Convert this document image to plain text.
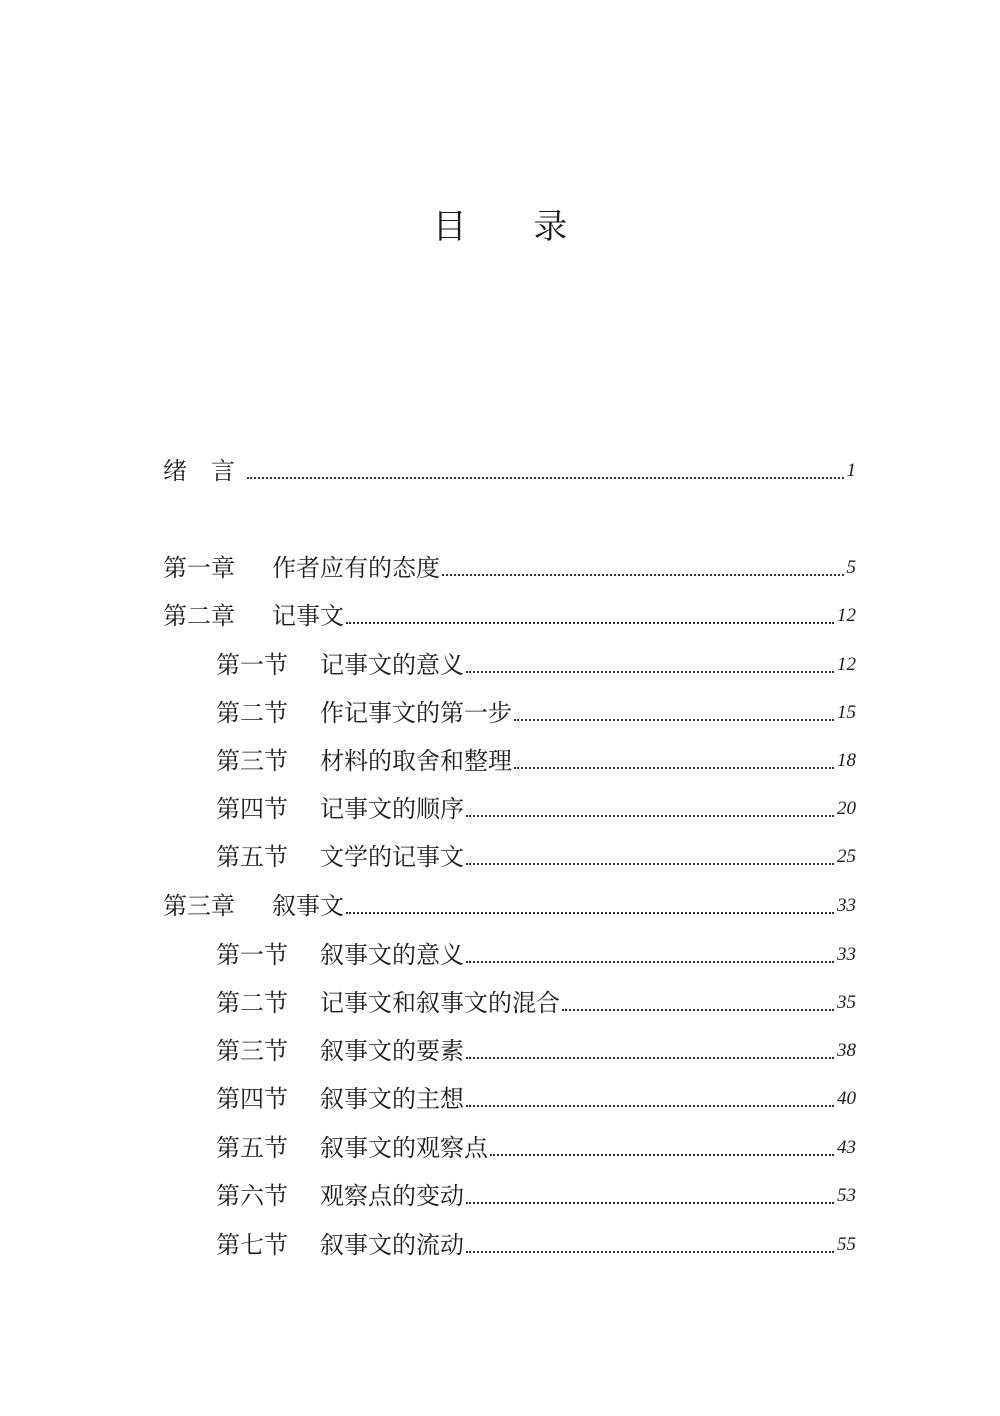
目 录
绪　言	1
第一章	作者应有的态度	5
第二章	记事文	12
第一节	记事文的意义	12
第二节	作记事文的第一步	15
第三节	材料的取舍和整理	18
第四节	记事文的顺序	20
第五节	文学的记事文	25
第三章	叙事文	33
第一节	叙事文的意义	33
第二节	记事文和叙事文的混合	35
第三节	叙事文的要素	38
第四节	叙事文的主想	40
第五节	叙事文的观察点	43
第六节	观察点的变动	53
第七节	叙事文的流动	55
